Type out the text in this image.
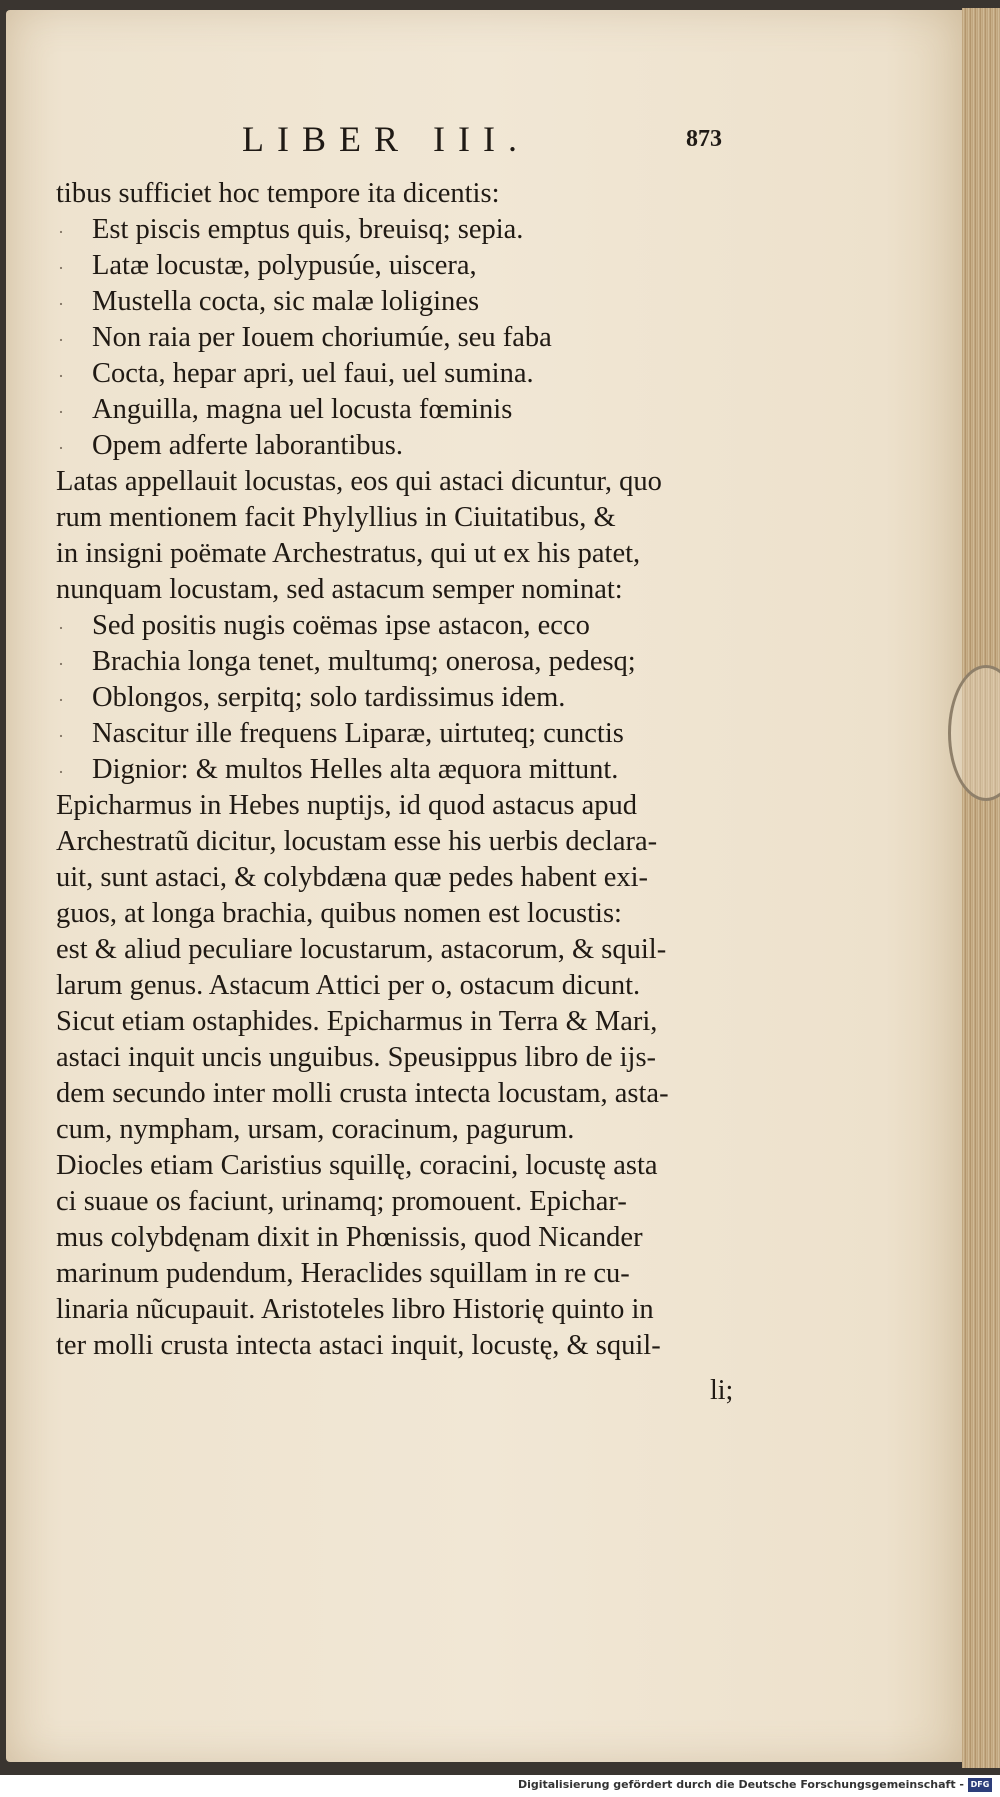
LIBER III.	873
tibus sufficiet hoc tempore ita dicentis:
· Est piscis emptus quis, breuisq; sepia.
· Latæ locustæ, polypusúe, uiscera,
· Mustella cocta, sic malæ loligines
· Non raia per Iouem choriumúe, seu faba
· Cocta, hepar apri, uel faui, uel sumina.
· Anguilla, magna uel locusta fœminis
· Opem adferte laborantibus.
Latas appellauit locustas, eos qui astaci dicuntur, quo
rum mentionem facit Phylyllius in Ciuitatibus, &
in insigni poëmate Archestratus, qui ut ex his patet,
nunquam locustam, sed astacum semper nominat:
· Sed positis nugis coëmas ipse astacon, ecco
· Brachia longa tenet, multumq; onerosa, pedesq;
· Oblongos, serpitq; solo tardissimus idem.
· Nascitur ille frequens Liparæ, uirtuteq; cunctis
· Dignior: & multos Helles alta æquora mittunt.
Epicharmus in Hebes nuptijs, id quod astacus apud
Archestratũ dicitur, locustam esse his uerbis declara-
uit, sunt astaci, & colybdæna quæ pedes habent exi-
guos, at longa brachia, quibus nomen est locustis:
est & aliud peculiare locustarum, astacorum, & squil-
larum genus. Astacum Attici per o, ostacum dicunt.
Sicut etiam ostaphides. Epicharmus in Terra & Mari,
astaci inquit uncis unguibus. Speusippus libro de ijs-
dem secundo inter molli crusta intecta locustam, asta-
cum, nympham, ursam, coracinum, pagurum.
Diocles etiam Caristius squillę, coracini, locustę asta
ci suaue os faciunt, urinamq; promouent. Epichar-
mus colybdęnam dixit in Phœnissis, quod Nicander
marinum pudendum, Heraclides squillam in re cu-
linaria nũcupauit. Aristoteles libro Historię quinto in
ter molli crusta intecta astaci inquit, locustę, & squil-
li;
Digitalisierung gefördert durch die Deutsche Forschungsgemeinschaft - DFG
